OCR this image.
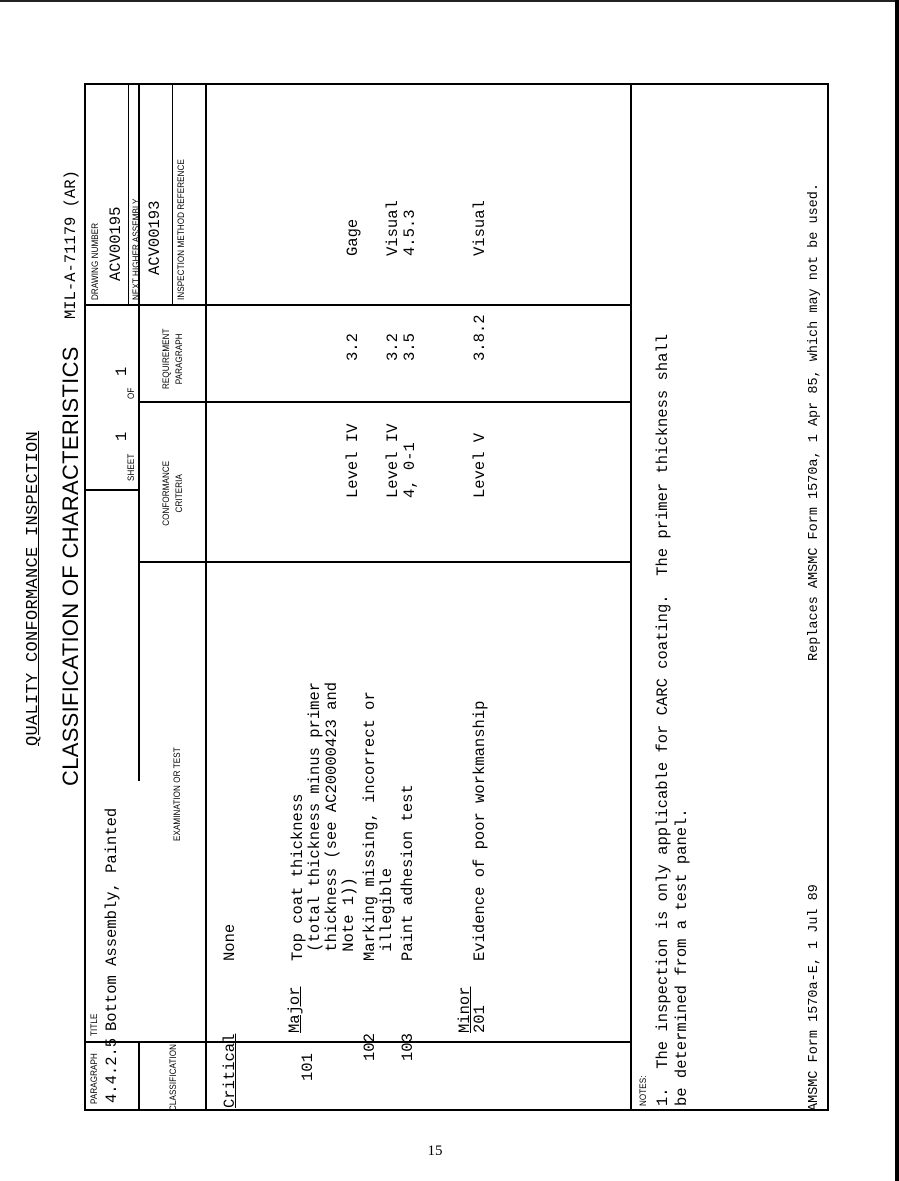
QUALITY CONFORMANCE INSPECTION CLASSIFICATION OF CHARACTERISTICS
MIL-A-71179 (AR)
PARAGRAPH 4.4.2.5
TITLE Bottom Assembly, Painted
SHEET
1
OF
1
DRAWING NUMBER ACV00195 NEXT HIGHER ASSEMBLY ACV00193 INSPECTION METHOD REFERENCE
CLASSIFICATION
EXAMINATION OR TEST
CONFORMANCE CRITERIA
REQUIREMENT PARAGRAPH
Critical
Major	Minor
None
101
Top coat thickness
(total thickness minus primer
thickness (see AC20000423 and
Note 1))
Level IV
3.2
Gage
102
Marking missing, incorrect or
illegible
Level IV
4, 0-1
3.2
3.5
Visual
4.5.3
103
Paint adhesion test
201
Evidence of poor workmanship
Level V
3.8.2
Visual
NOTES: 1.  The inspection is only applicable for CARC coating.  The primer thickness shall be determined from a test panel.	AMSMC Form 1570a-E, 1 Jul 89
Replaces AMSMC Form 1570a, 1 Apr 85, which may not be used.
15
